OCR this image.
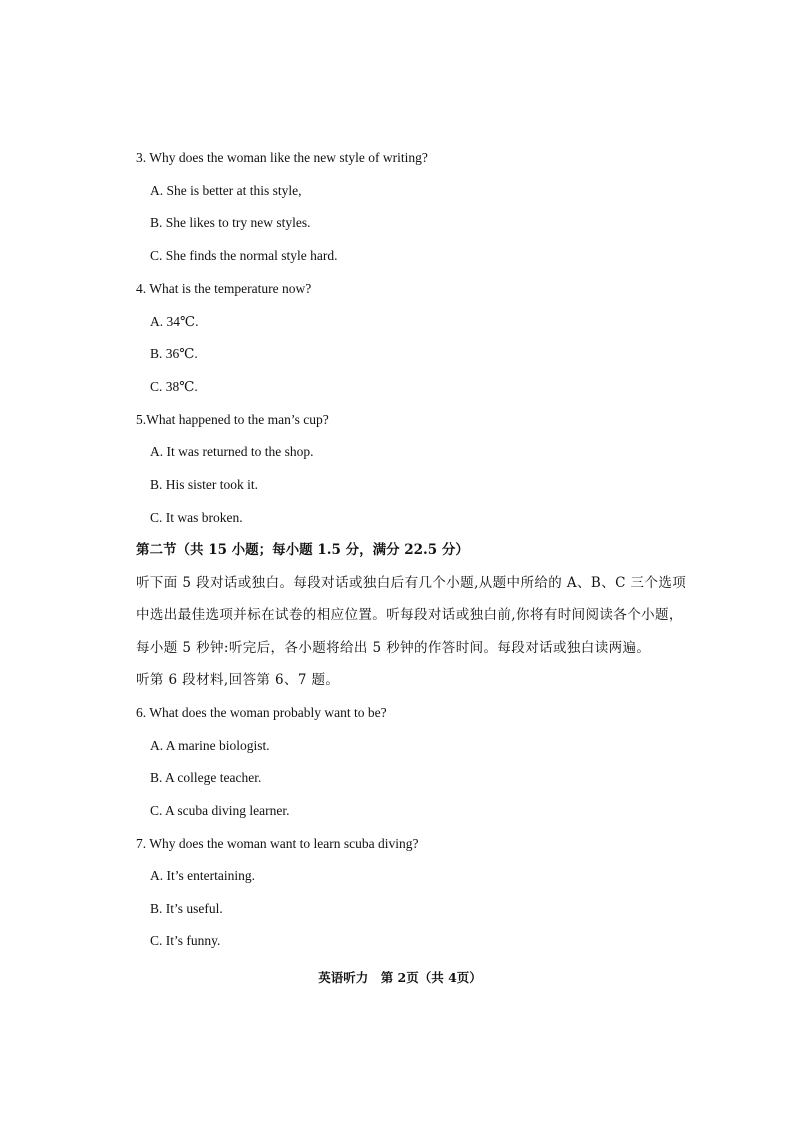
3. Why does the woman like the new style of writing?
A. She is better at this style,
B. She likes to try new styles.
C. She finds the normal style hard.
4. What is the temperature now?
A. 34℃.
B. 36℃.
C. 38℃.
5.What happened to the man’s cup?
A. It was returned to the shop.
B. His sister took it.
C. It was broken.
第二节（共 15 小题；每小题 1.5 分，满分 22.5 分）
听下面 5 段对话或独白。每段对话或独白后有几个小题,从题中所给的 A、B、C 三个选项
中选出最佳选项并标在试卷的相应位置。听每段对话或独白前,你将有时间阅读各个小题，
每小题 5 秒钟:听完后，各小题将给出 5 秒钟的作答时间。每段对话或独白读两遍。
听第 6 段材料,回答第 6、7 题。
6. What does the woman probably want to be?
A. A marine biologist.
B. A college teacher.
C. A scuba diving learner.
7. Why does the woman want to learn scuba diving?
A. It’s entertaining.
B. It’s useful.
C. It’s funny.
英语听力　第 2页（共 4页）
